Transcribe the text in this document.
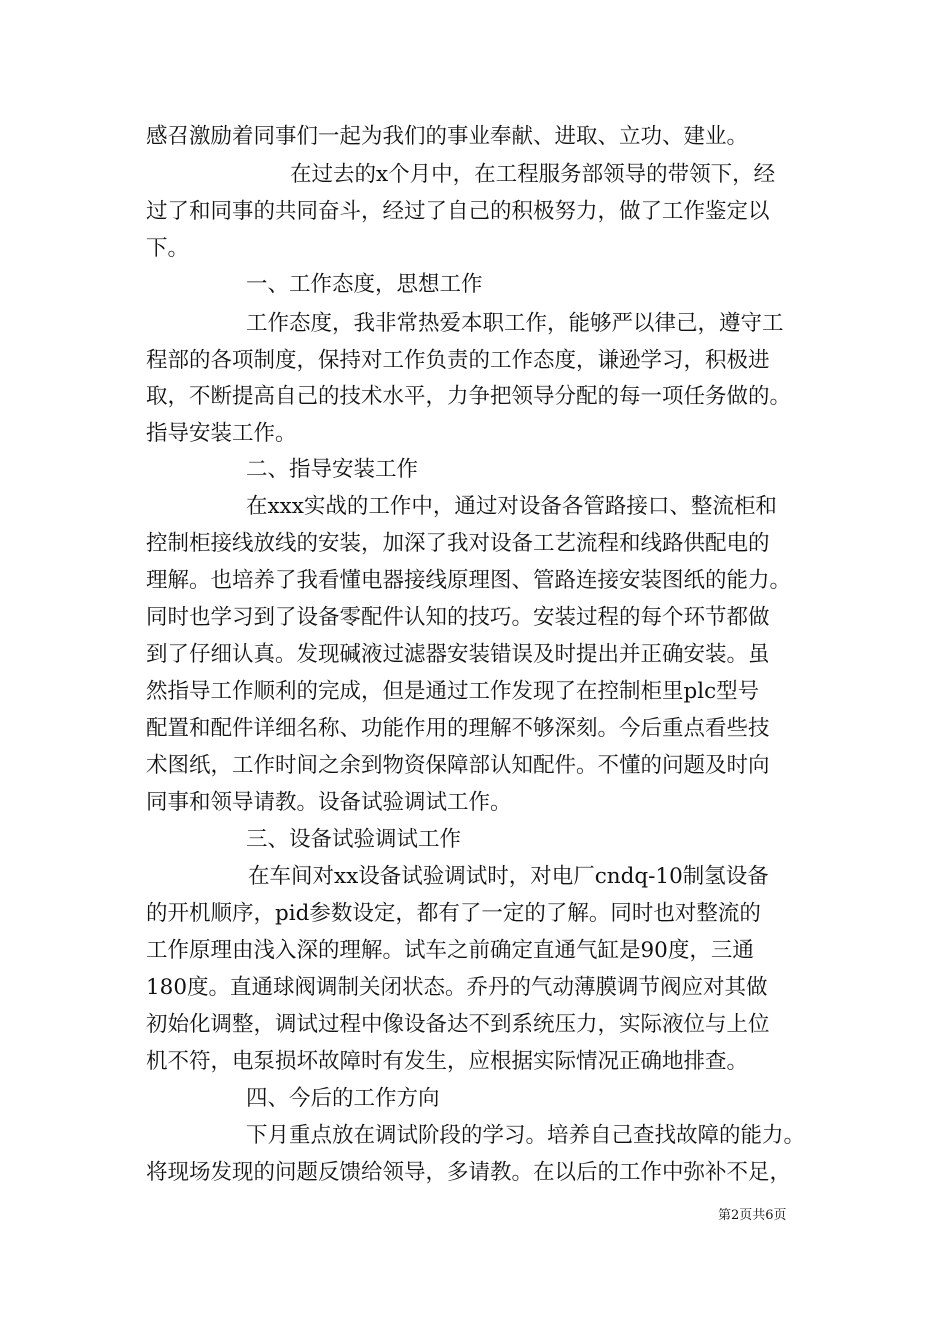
感召激励着同事们一起为我们的事业奉献、进取、立功、建业。
在过去的x个月中，在工程服务部领导的带领下，经
过了和同事的共同奋斗，经过了自己的积极努力，做了工作鉴定以
下。
一、工作态度，思想工作
工作态度，我非常热爱本职工作，能够严以律己，遵守工
程部的各项制度，保持对工作负责的工作态度，谦逊学习，积极进
取，不断提高自己的技术水平，力争把领导分配的每一项任务做的。
指导安装工作。
二、指导安装工作
在xxx实战的工作中，通过对设备各管路接口、整流柜和
控制柜接线放线的安装，加深了我对设备工艺流程和线路供配电的
理解。也培养了我看懂电器接线原理图、管路连接安装图纸的能力。
同时也学习到了设备零配件认知的技巧。安装过程的每个环节都做
到了仔细认真。发现碱液过滤器安装错误及时提出并正确安装。虽
然指导工作顺利的完成，但是通过工作发现了在控制柜里plc型号
配置和配件详细名称、功能作用的理解不够深刻。今后重点看些技
术图纸，工作时间之余到物资保障部认知配件。不懂的问题及时向
同事和领导请教。设备试验调试工作。
三、设备试验调试工作
在车间对xx设备试验调试时，对电厂cndq-10制氢设备
的开机顺序，pid参数设定，都有了一定的了解。同时也对整流的
工作原理由浅入深的理解。试车之前确定直通气缸是90度，三通
180度。直通球阀调制关闭状态。乔丹的气动薄膜调节阀应对其做
初始化调整，调试过程中像设备达不到系统压力，实际液位与上位
机不符，电泵损坏故障时有发生，应根据实际情况正确地排查。
四、今后的工作方向
下月重点放在调试阶段的学习。培养自己查找故障的能力。
将现场发现的问题反馈给领导，多请教。在以后的工作中弥补不足，
第2页共6页
